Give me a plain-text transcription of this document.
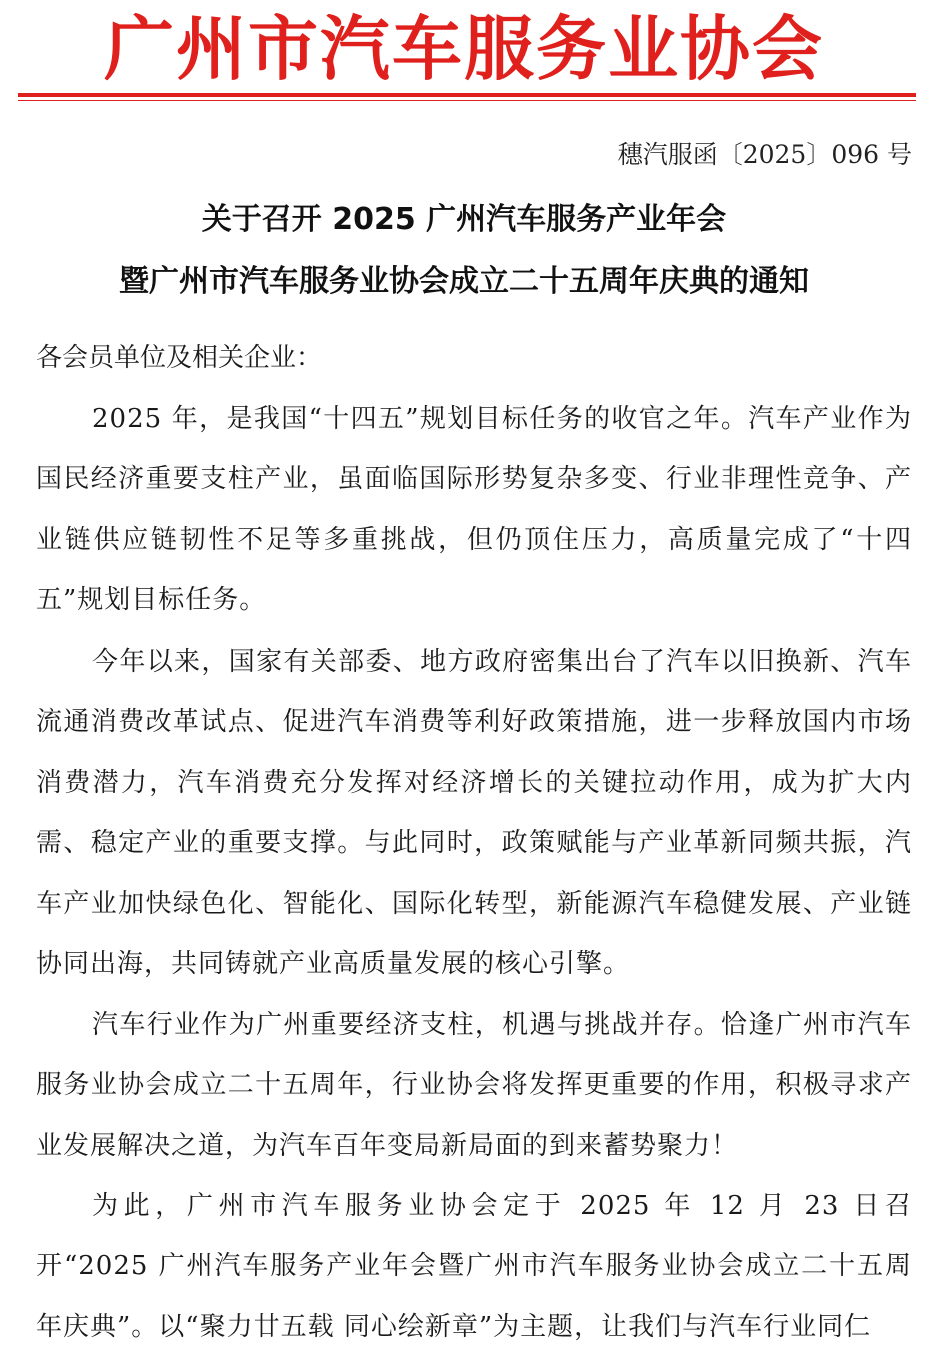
广州市汽车服务业协会
穗汽服函〔2025〕096 号
关于召开 2025 广州汽车服务产业年会
暨广州市汽车服务业协会成立二十五周年庆典的通知
各会员单位及相关企业：
2025 年，是我国“十四五”规划目标任务的收官之年。汽车产业作为国民经济重要支柱产业，虽面临国际形势复杂多变、行业非理性竞争、产业链供应链韧性不足等多重挑战，但仍顶住压力，高质量完成了“十四五”规划目标任务。
今年以来，国家有关部委、地方政府密集出台了汽车以旧换新、汽车流通消费改革试点、促进汽车消费等利好政策措施，进一步释放国内市场消费潜力，汽车消费充分发挥对经济增长的关键拉动作用，成为扩大内需、稳定产业的重要支撑。与此同时，政策赋能与产业革新同频共振，汽车产业加快绿色化、智能化、国际化转型，新能源汽车稳健发展、产业链协同出海，共同铸就产业高质量发展的核心引擎。
汽车行业作为广州重要经济支柱，机遇与挑战并存。恰逢广州市汽车服务业协会成立二十五周年，行业协会将发挥更重要的作用，积极寻求产业发展解决之道，为汽车百年变局新局面的到来蓄势聚力！
为此，广州市汽车服务业协会定于 2025 年 12 月 23 日召开“2025 广州汽车服务产业年会暨广州市汽车服务业协会成立二十五周年庆典”。以“聚力廿五载 同心绘新章”为主题，让我们与汽车行业同仁
